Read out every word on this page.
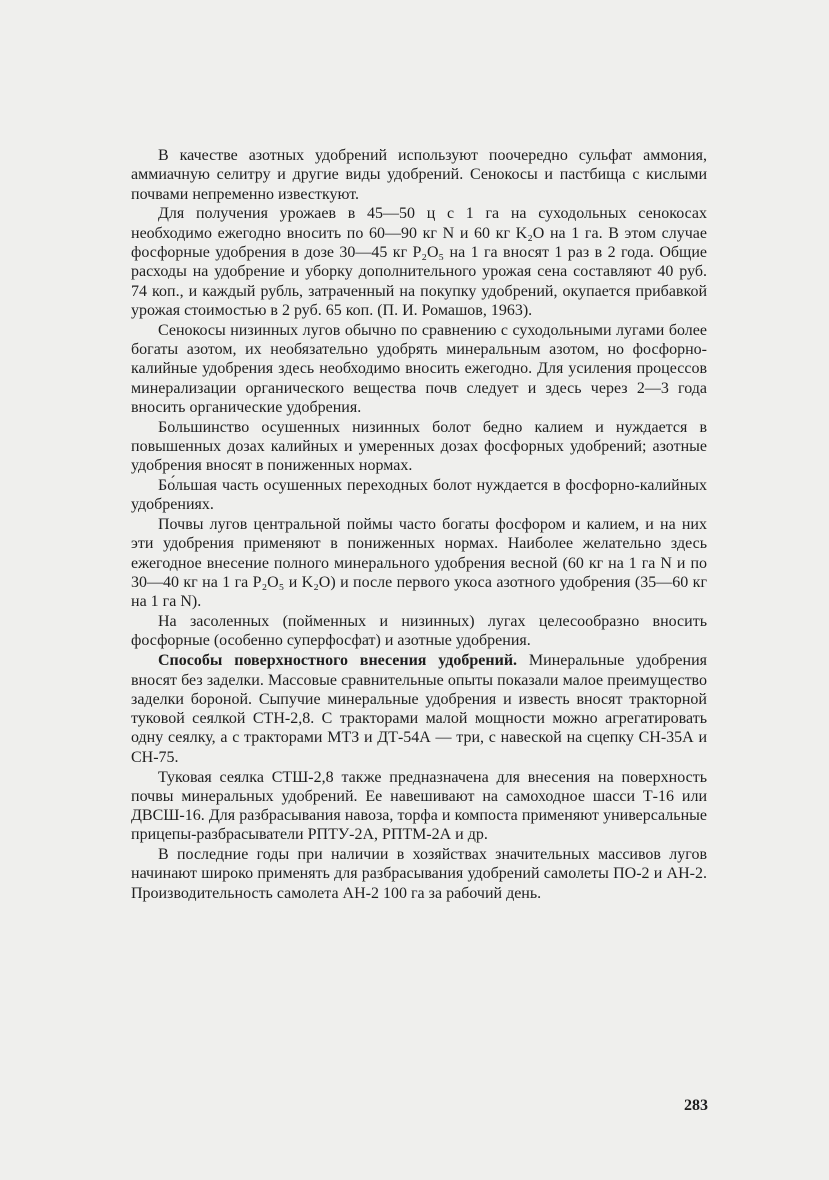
В качестве азотных удобрений используют поочередно сульфат аммония, аммиачную селитру и другие виды удобрений. Сенокосы и пастбища с кислыми почвами непременно известкуют.

Для получения урожаев в 45—50 ц с 1 га на суходольных сенокосах необходимо ежегодно вносить по 60—90 кг N и 60 кг K₂O на 1 га. В этом случае фосфорные удобрения в дозе 30—45 кг P₂O₅ на 1 га вносят 1 раз в 2 года. Общие расходы на удобрение и уборку дополнительного урожая сена составляют 40 руб. 74 коп., и каждый рубль, затраченный на покупку удобрений, окупается прибавкой урожая стоимостью в 2 руб. 65 коп. (П. И. Ромашов, 1963).

Сенокосы низинных лугов обычно по сравнению с суходольными лугами более богаты азотом, их необязательно удобрять минеральным азотом, но фосфорно-калийные удобрения здесь необходимо вносить ежегодно. Для усиления процессов минерализации органического вещества почв следует и здесь через 2—3 года вносить органические удобрения.

Большинство осушенных низинных болот бедно калием и нуждается в повышенных дозах калийных и умеренных дозах фосфорных удобрений; азотные удобрения вносят в пониженных нормах.

Бо́льшая часть осушенных переходных болот нуждается в фосфорно-калийных удобрениях.

Почвы лугов центральной поймы часто богаты фосфором и калием, и на них эти удобрения применяют в пониженных нормах. Наиболее желательно здесь ежегодное внесение полного минерального удобрения весной (60 кг на 1 га N и по 30—40 кг на 1 га P₂O₅ и K₂O) и после первого укоса азотного удобрения (35—60 кг на 1 га N).

На засоленных (пойменных и низинных) лугах целесообразно вносить фосфорные (особенно суперфосфат) и азотные удобрения.

Способы поверхностного внесения удобрений. Минеральные удобрения вносят без заделки. Массовые сравнительные опыты показали малое преимущество заделки бороной. Сыпучие минеральные удобрения и известь вносят тракторной туковой сеялкой СТН-2,8. С тракторами малой мощности можно агрегатировать одну сеялку, а с тракторами МТЗ и ДТ-54А — три, с навеской на сцепку СН-35А и СН-75.

Туковая сеялка СТШ-2,8 также предназначена для внесения на поверхность почвы минеральных удобрений. Ее навешивают на самоходное шасси Т-16 или ДВСШ-16. Для разбрасывания навоза, торфа и компоста применяют универсальные прицепы-разбрасыватели РПТУ-2А, РПТМ-2А и др.

В последние годы при наличии в хозяйствах значительных массивов лугов начинают широко применять для разбрасывания удобрений самолеты ПО-2 и АН-2. Производительность самолета АН-2 100 га за рабочий день.

283
